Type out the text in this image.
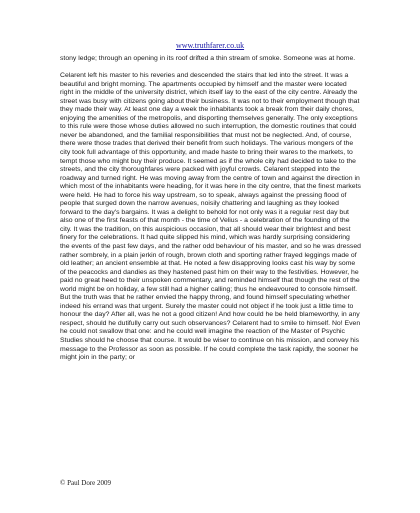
www.truthfarer.co.uk

stony ledge; through an opening in its roof drifted a thin stream of smoke. Someone was at home.

Celarent left his master to his reveries and descended the stairs that led into the street. It was a beautiful and bright morning. The apartments occupied by himself and the master were located right in the middle of the university district, which itself lay to the east of the city centre. Already the street was busy with citizens going about their business. It was not to their employment though that they made their way. At least one day a week the inhabitants took a break from their daily chores, enjoying the amenities of the metropolis, and disporting themselves generally. The only exceptions to this rule were those whose duties allowed no such interruption, the domestic routines that could never be abandoned, and the familial responsibilities that must not be neglected. And, of course, there were those trades that derived their benefit from such holidays. The various mongers of the city took full advantage of this opportunity, and made haste to bring their wares to the markets, to tempt those who might buy their produce. It seemed as if the whole city had decided to take to the streets, and the city thoroughfares were packed with joyful crowds. Celarent stepped into the roadway and turned right. He was moving away from the centre of town and against the direction in which most of the inhabitants were heading, for it was here in the city centre, that the finest markets were held. He had to force his way upstream, so to speak, always against the pressing flood of people that surged down the narrow avenues, noisily chattering and laughing as they looked forward to the day's bargains. It was a delight to behold for not only was it a regular rest day but also one of the first feasts of that month - the time of Velius - a celebration of the founding of the city. It was the tradition, on this auspicious occasion, that all should wear their brightest and best finery for the celebrations. It had quite slipped his mind, which was hardly surprising considering the events of the past few days, and the rather odd behaviour of his master, and so he was dressed rather sombrely, in a plain jerkin of rough, brown cloth and sporting rather frayed leggings made of old leather; an ancient ensemble at that. He noted a few disapproving looks cast his way by some of the peacocks and dandies as they hastened past him on their way to the festivities. However, he paid no great heed to their unspoken commentary, and reminded himself that though the rest of the world might be on holiday, a few still had a higher calling; thus he endeavoured to console himself. But the truth was that he rather envied the happy throng, and found himself speculating whether indeed his errand was that urgent. Surely the master could not object if he took just a little time to honour the day? After all, was he not a good citizen! And how could he be held blameworthy, in any respect, should he dutifully carry out such observances? Celarent had to smile to himself. No! Even he could not swallow that one: and he could well imagine the reaction of the Master of Psychic Studies should he choose that course. It would be wiser to continue on his mission, and convey his message to the Professor as soon as possible. If he could complete the task rapidly, the sooner he might join in the party; or

© Paul Dore 2009
